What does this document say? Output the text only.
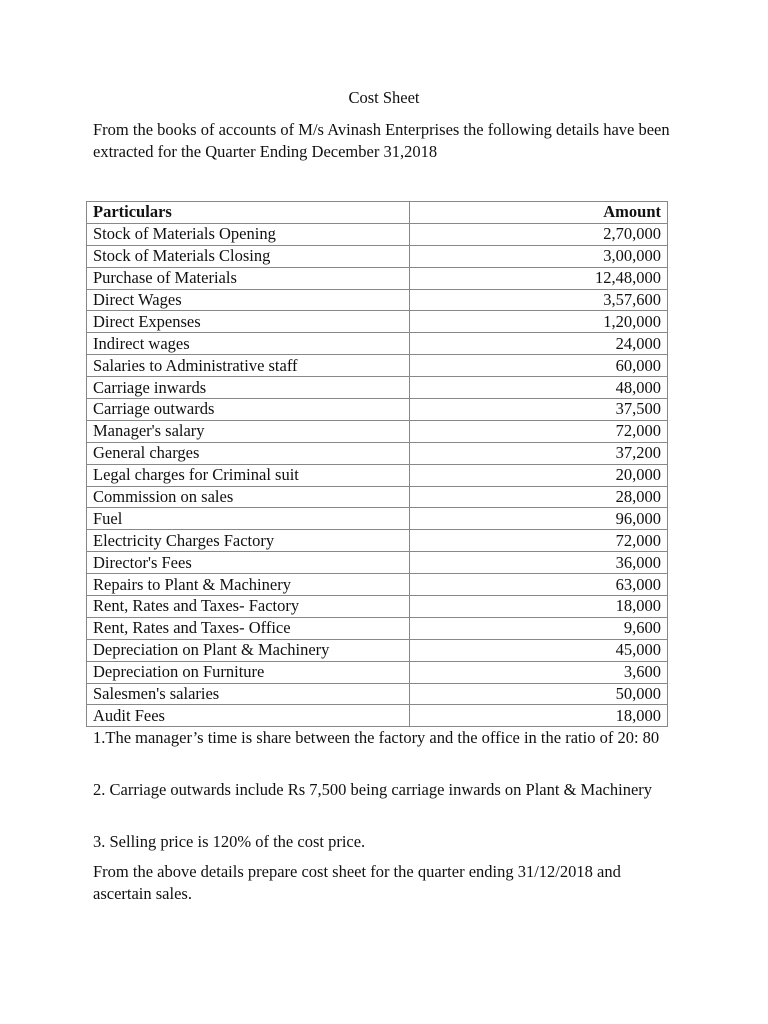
Cost Sheet
From the books of accounts of M/s Avinash Enterprises the following details have been extracted for the Quarter Ending December 31,2018
Particulars	Amount
Stock of Materials Opening	2,70,000
Stock of Materials Closing	3,00,000
Purchase of Materials	12,48,000
Direct Wages	3,57,600
Direct Expenses	1,20,000
Indirect wages	24,000
Salaries to Administrative staff	60,000
Carriage inwards	48,000
Carriage outwards	37,500
Manager's salary	72,000
General charges	37,200
Legal charges for Criminal suit	20,000
Commission on sales	28,000
Fuel	96,000
Electricity Charges Factory	72,000
Director's Fees	36,000
Repairs to Plant & Machinery	63,000
Rent, Rates and Taxes- Factory	18,000
Rent, Rates and Taxes- Office	9,600
Depreciation on Plant & Machinery	45,000
Depreciation on Furniture	3,600
Salesmen's salaries	50,000
Audit Fees	18,000
1.The manager’s time is share between the factory and the office in the ratio of 20: 80
2. Carriage outwards include Rs 7,500 being carriage inwards on Plant & Machinery
3. Selling price is 120% of the cost price.
From the above details prepare cost sheet for the quarter ending 31/12/2018 and ascertain sales.
